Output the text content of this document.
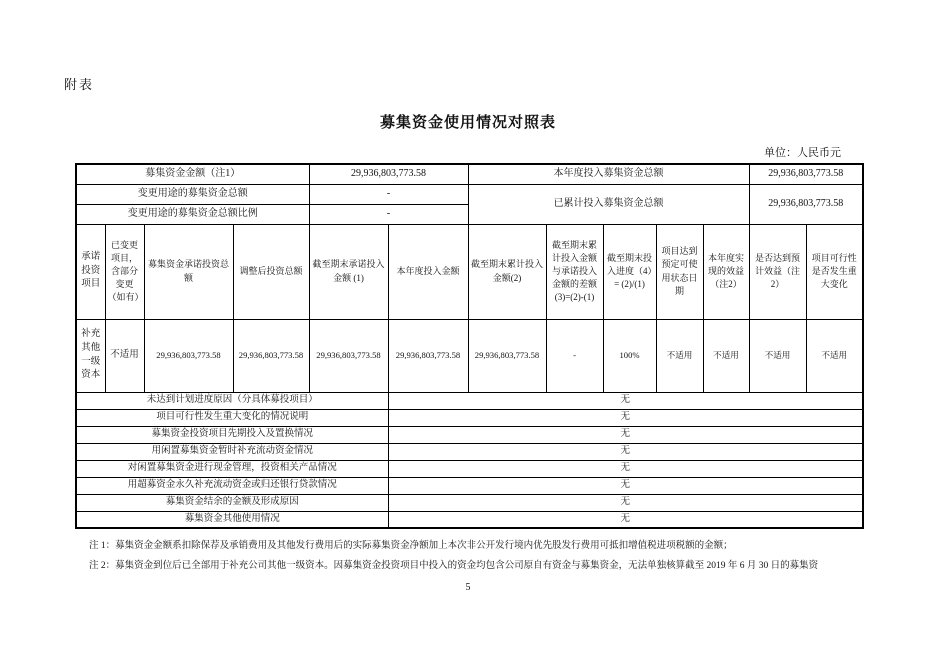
附表
募集资金使用情况对照表
单位：人民币元
募集资金金额（注1）				29,936,803,773.58		本年度投入募集资金总额					29,936,803,773.58	
变更用途的募集资金总额				-		已累计投入募集资金总额					29,936,803,773.58	
变更用途的募集资金总额比例				-								
承诺投资项目	已变更项目，含部分变更（如有）	募集资金承诺投资总额	调整后投资总额	截至期末承诺投入金额 (1)	本年度投入金额	截至期末累计投入金额(2)	截至期末累计投入金额与承诺投入金额的差额(3)=(2)-(1)	截至期末投入进度（4）= (2)/(1)	项目达到预定可使用状态日期	本年度实现的效益（注2）	是否达到预计效益（注2）	项目可行性是否发生重大变化
补充其他一级资本	不适用	29,936,803,773.58	29,936,803,773.58	29,936,803,773.58	29,936,803,773.58	29,936,803,773.58	-	100%	不适用	不适用	不适用	不适用
未达到计划进度原因（分具体募投项目）					无							
项目可行性发生重大变化的情况说明					无							
募集资金投资项目先期投入及置换情况					无							
用闲置募集资金暂时补充流动资金情况					无							
对闲置募集资金进行现金管理，投资相关产品情况					无							
用超募资金永久补充流动资金或归还银行贷款情况					无							
募集资金结余的金额及形成原因					无							
募集资金其他使用情况					无							
注 1：募集资金金额系扣除保荐及承销费用及其他发行费用后的实际募集资金净额加上本次非公开发行境内优先股发行费用可抵扣增值税进项税额的金额；
注 2：募集资金到位后已全部用于补充公司其他一级资本。因募集资金投资项目中投入的资金均包含公司原自有资金与募集资金，无法单独核算截至 2019 年 6 月 30 日的募集资
5
